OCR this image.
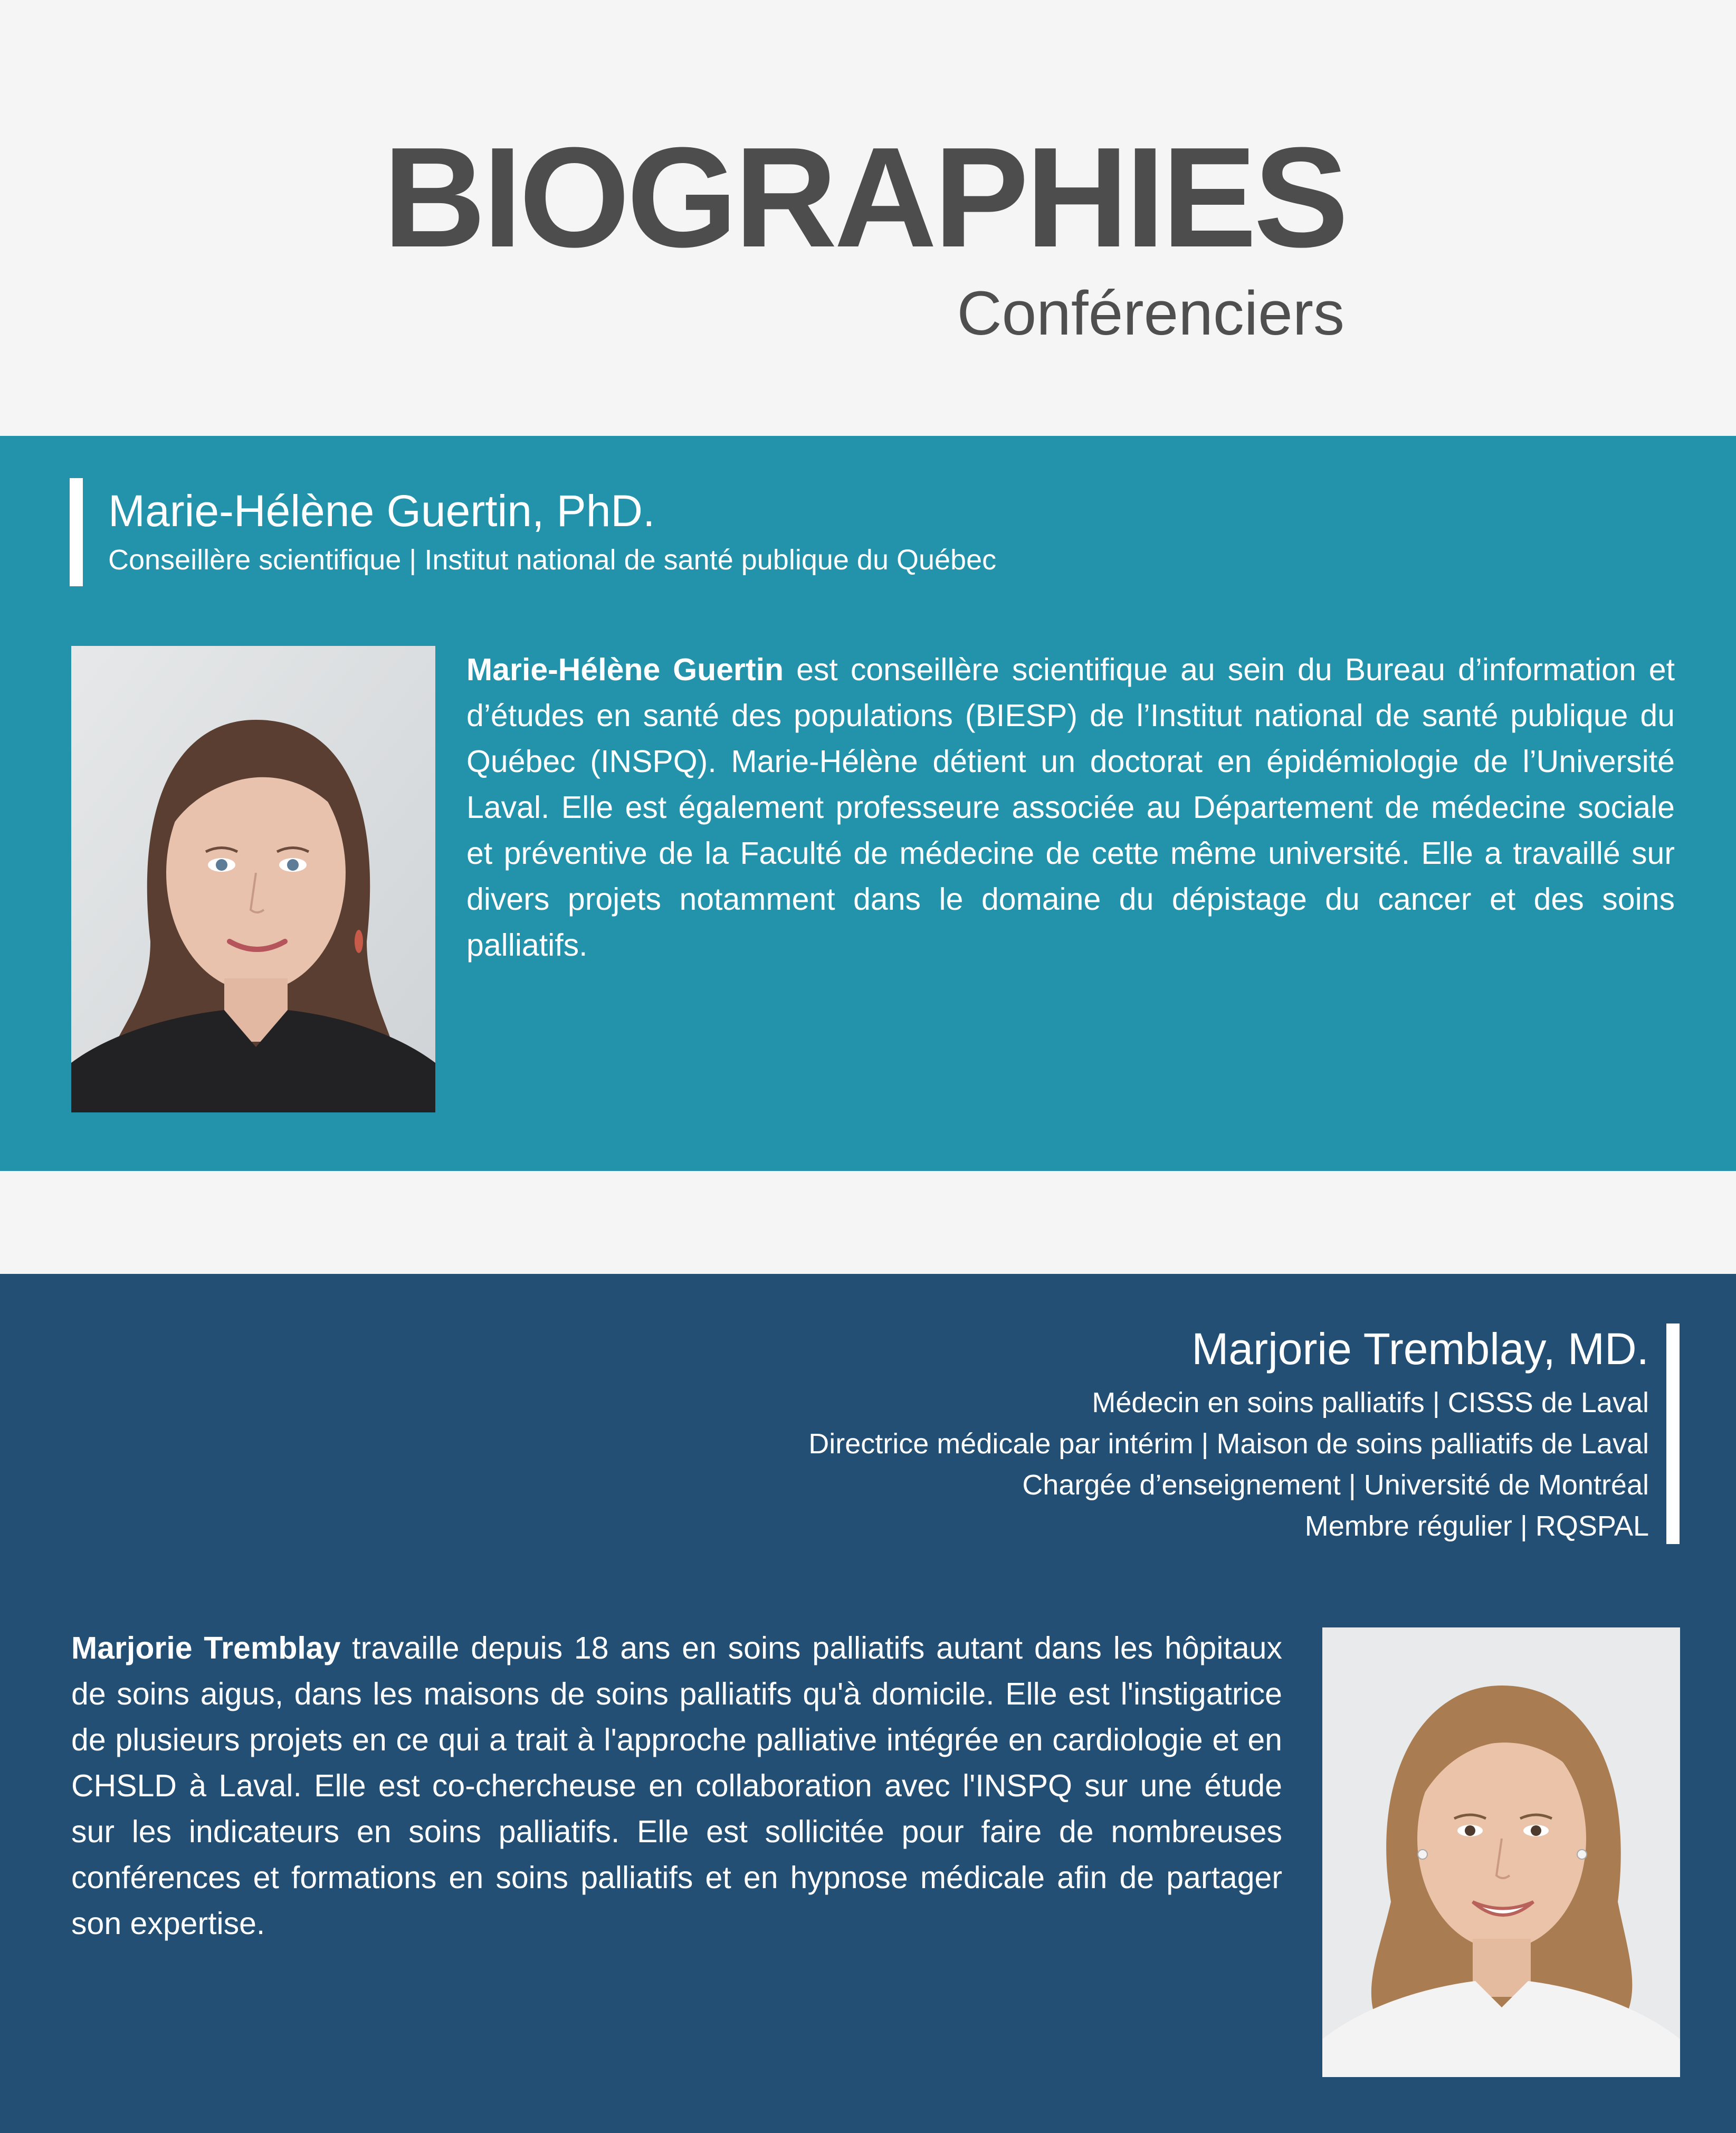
BIOGRAPHIES
Conférenciers
Marie-Hélène Guertin, PhD.
Conseillère scientifique | Institut national de santé publique du Québec
Marie-Hélène Guertin est conseillère scientifique au sein du Bureau d’information et d’études en santé des populations (BIESP) de l’Institut national de santé publique du Québec (INSPQ). Marie-Hélène détient un doctorat en épidémiologie de l’Université Laval. Elle est également professeure associée au Département de médecine sociale et préventive de la Faculté de médecine de cette même université. Elle a travaillé sur divers projets notamment dans le domaine du dépistage du cancer et des soins palliatifs.
Marjorie Tremblay, MD.
Médecin en soins palliatifs | CISSS de Laval
Directrice médicale par intérim | Maison de soins palliatifs de Laval
Chargée d’enseignement | Université de Montréal
Membre régulier | RQSPAL
Marjorie Tremblay travaille depuis 18 ans en soins palliatifs autant dans les hôpitaux de soins aigus, dans les maisons de soins palliatifs qu'à domicile. Elle est l'instigatrice de plusieurs projets en ce qui a trait à l'approche palliative intégrée en cardiologie et en CHSLD à Laval. Elle est co-chercheuse en collaboration avec l'INSPQ sur une étude sur les indicateurs en soins palliatifs. Elle est sollicitée pour faire de nombreuses conférences et formations en soins palliatifs et en hypnose médicale afin de partager son expertise.
